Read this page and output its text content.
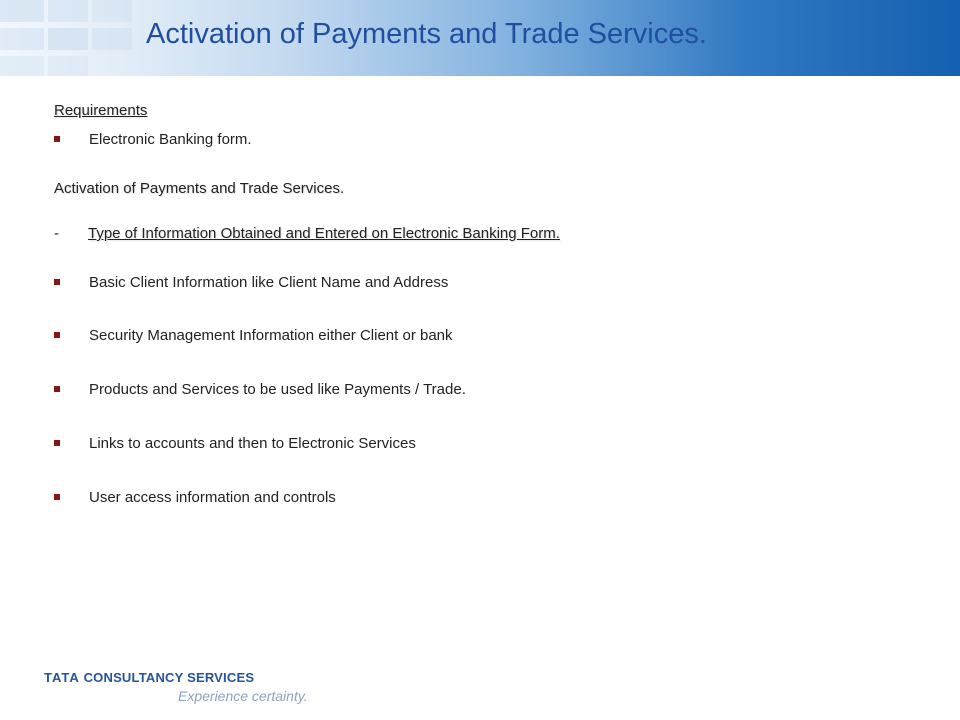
Activation of Payments and Trade Services.
Requirements
Electronic Banking form.
Activation of Payments and Trade Services.
- Type of Information Obtained and Entered on Electronic Banking Form.
Basic Client Information like Client Name and Address
Security Management Information either Client or bank
Products and Services to be used like Payments / Trade.
Links to accounts and then to Electronic Services
User access information and controls
TATA CONSULTANCY SERVICES
Experience certainty.
